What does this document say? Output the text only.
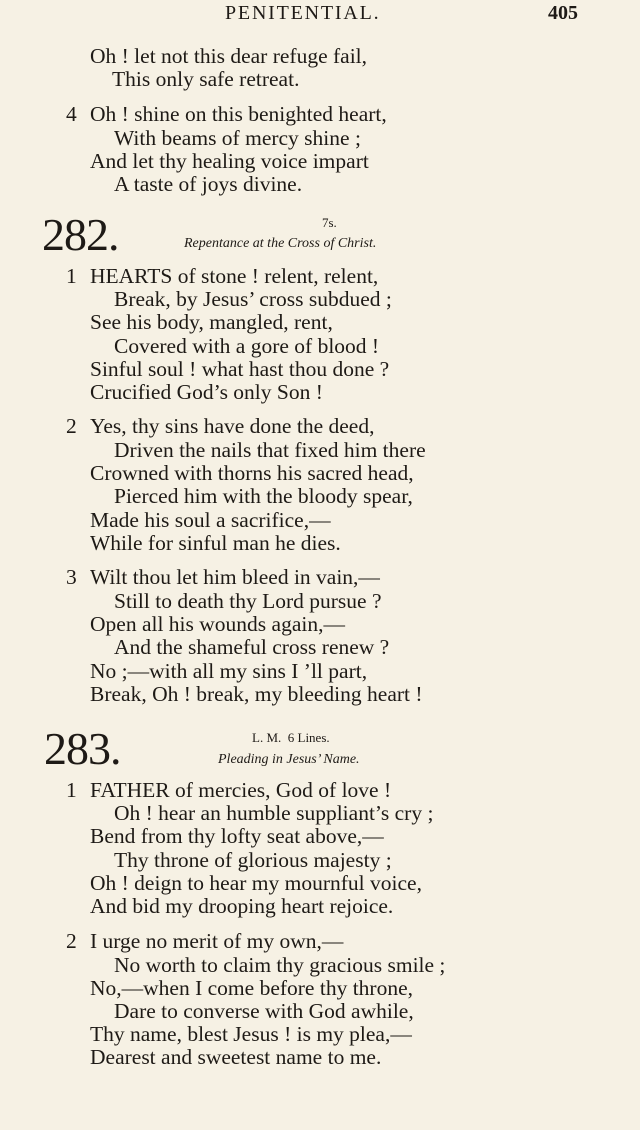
PENITENTIAL.	405
Oh ! let not this dear refuge fail,
This only safe retreat.
4 Oh ! shine on this benighted heart,
With beams of mercy shine ;
And let thy healing voice impart
A taste of joys divine.
282.	7s.
Repentance at the Cross of Christ.
1 HEARTS of stone ! relent, relent,
Break, by Jesus’ cross subdued ;
See his body, mangled, rent,
Covered with a gore of blood !
Sinful soul ! what hast thou done ?
Crucified God’s only Son !
2 Yes, thy sins have done the deed,
Driven the nails that fixed him there
Crowned with thorns his sacred head,
Pierced him with the bloody spear,
Made his soul a sacrifice,—
While for sinful man he dies.
3 Wilt thou let him bleed in vain,—
Still to death thy Lord pursue ?
Open all his wounds again,—
And the shameful cross renew ?
No ;—with all my sins I ’ll part,
Break, Oh ! break, my bleeding heart !
283.	L. M.  6 Lines.
Pleading in Jesus’ Name.
1 FATHER of mercies, God of love !
Oh ! hear an humble suppliant’s cry ;
Bend from thy lofty seat above,—
Thy throne of glorious majesty ;
Oh ! deign to hear my mournful voice,
And bid my drooping heart rejoice.
2 I urge no merit of my own,—
No worth to claim thy gracious smile ;
No,—when I come before thy throne,
Dare to converse with God awhile,
Thy name, blest Jesus ! is my plea,—
Dearest and sweetest name to me.
